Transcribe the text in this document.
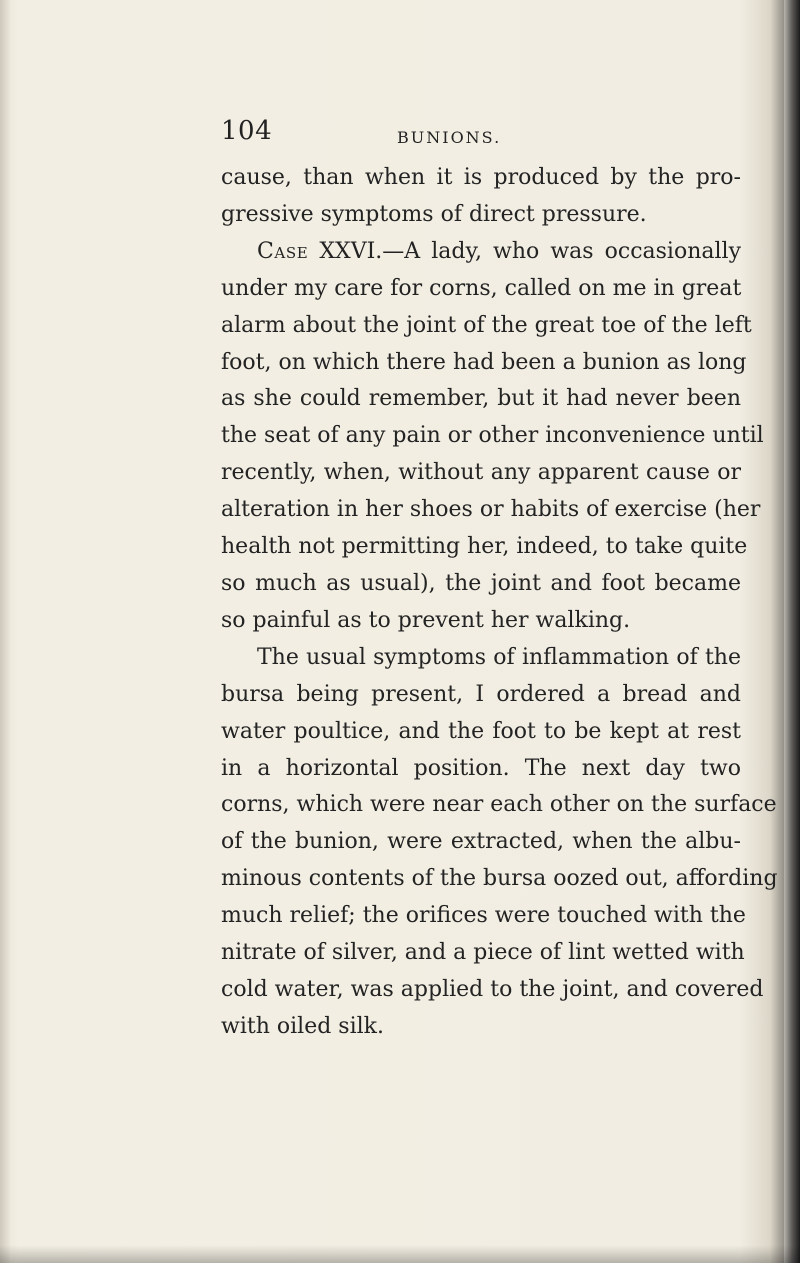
104	BUNIONS.
cause, than when it is produced by the pro-
gressive symptoms of direct pressure.
Case XXVI.—A lady, who was occasionally
under my care for corns, called on me in great
alarm about the joint of the great toe of the left
foot, on which there had been a bunion as long
as she could remember, but it had never been
the seat of any pain or other inconvenience until
recently, when, without any apparent cause or
alteration in her shoes or habits of exercise (her
health not permitting her, indeed, to take quite
so much as usual), the joint and foot became
so painful as to prevent her walking.
The usual symptoms of inflammation of the
bursa being present, I ordered a bread and
water poultice, and the foot to be kept at rest
in a horizontal position. The next day two
corns, which were near each other on the surface
of the bunion, were extracted, when the albu-
minous contents of the bursa oozed out, affording
much relief; the orifices were touched with the
nitrate of silver, and a piece of lint wetted with
cold water, was applied to the joint, and covered
with oiled silk.
